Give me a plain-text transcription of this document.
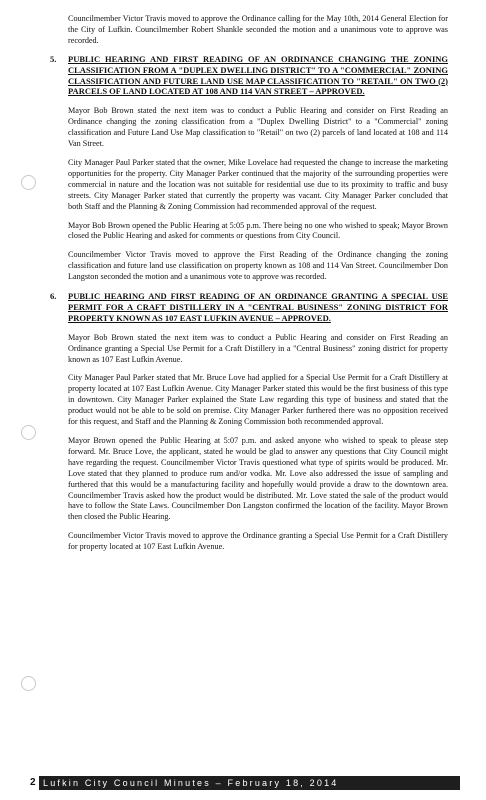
Councilmember Victor Travis moved to approve the Ordinance calling for the May 10th, 2014 General Election for the City of Lufkin. Councilmember Robert Shankle seconded the motion and a unanimous vote to approve was recorded.

5. PUBLIC HEARING AND FIRST READING OF AN ORDINANCE CHANGING THE ZONING CLASSIFICATION FROM A "DUPLEX DWELLING DISTRICT" TO A "COMMERCIAL" ZONING CLASSIFICATION AND FUTURE LAND USE MAP CLASSIFICATION TO "RETAIL" ON TWO (2) PARCELS OF LAND LOCATED AT 108 AND 114 VAN STREET – APPROVED.

Mayor Bob Brown stated the next item was to conduct a Public Hearing and consider on First Reading an Ordinance changing the zoning classification from a "Duplex Dwelling District" to a "Commercial" zoning classification and Future Land Use Map classification to "Retail" on two (2) parcels of land located at 108 and 114 Van Street.

City Manager Paul Parker stated that the owner, Mike Lovelace had requested the change to increase the marketing opportunities for the property. City Manager Parker continued that the majority of the surrounding properties were commercial in nature and the location was not suitable for residential use due to its proximity to traffic and busy streets. City Manager Parker stated that currently the property was vacant. City Manager Parker concluded that both Staff and the Planning & Zoning Commission had recommended approval of the request.

Mayor Bob Brown opened the Public Hearing at 5:05 p.m. There being no one who wished to speak; Mayor Brown closed the Public Hearing and asked for comments or questions from City Council.

Councilmember Victor Travis moved to approve the First Reading of the Ordinance changing the zoning classification and future land use classification on property known as 108 and 114 Van Street. Councilmember Don Langston seconded the motion and a unanimous vote to approve was recorded.

6. PUBLIC HEARING AND FIRST READING OF AN ORDINANCE GRANTING A SPECIAL USE PERMIT FOR A CRAFT DISTILLERY IN A "CENTRAL BUSINESS" ZONING DISTRICT FOR PROPERTY KNOWN AS 107 EAST LUFKIN AVENUE – APPROVED.

Mayor Bob Brown stated the next item was to conduct a Public Hearing and consider on First Reading an Ordinance granting a Special Use Permit for a Craft Distillery in a "Central Business" zoning district for property known as 107 East Lufkin Avenue.

City Manager Paul Parker stated that Mr. Bruce Love had applied for a Special Use Permit for a Craft Distillery at property located at 107 East Lufkin Avenue. City Manager Parker stated this would be the first business of this type in downtown. City Manager Parker explained the State Law regarding this type of business and stated that the product would not be able to be sold on premise. City Manager Parker furthered there was no opposition received for this request, and Staff and the Planning & Zoning Commission both recommended approval.

Mayor Brown opened the Public Hearing at 5:07 p.m. and asked anyone who wished to speak to please step forward. Mr. Bruce Love, the applicant, stated he would be glad to answer any questions that City Council might have regarding the request. Councilmember Victor Travis questioned what type of spirits would be produced. Mr. Love stated that they planned to produce rum and/or vodka. Mr. Love also addressed the issue of sampling and furthered that this would be a manufacturing facility and hopefully would provide a draw to the downtown area. Councilmember Travis asked how the product would be distributed. Mr. Love stated the sale of the product would have to follow the State Laws. Councilmember Don Langston confirmed the location of the facility. Mayor Brown then closed the Public Hearing.

Councilmember Victor Travis moved to approve the Ordinance granting a Special Use Permit for a Craft Distillery for property located at 107 East Lufkin Avenue.

2 Lufkin City Council Minutes – February 18, 2014
